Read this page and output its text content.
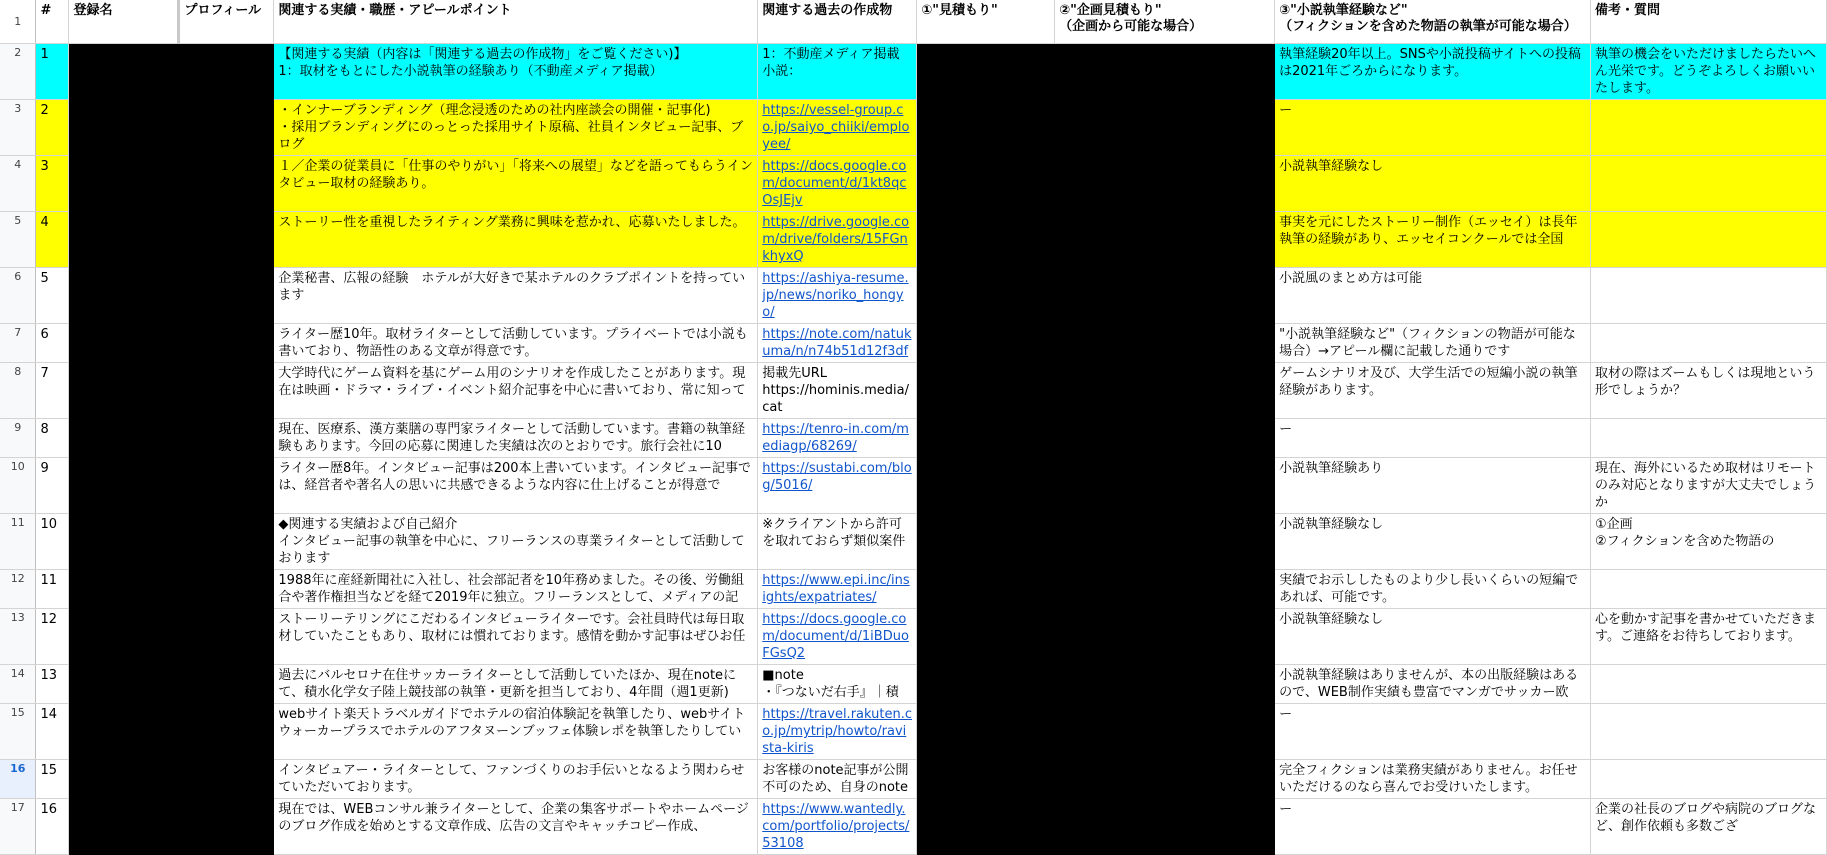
1	#	登録名	プロフィール	関連する実績・職歴・アピールポイント	関連する過去の作成物	①"見積もり"	②"企画見積もり"
（企画から可能な場合）	③"小説執筆経験など"
（フィクションを含めた物語の執筆が可能な場合）	備考・質問

2	1			【関連する実績（内容は「関連する過去の作成物」をご覧ください)】
1：取材をもとにした小説執筆の経験あり（不動産メディア掲載）	1：不動産メディア掲載
小説：			執筆経験20年以上。SNSや小説投稿サイトへの投稿は2021年ごろからになります。	執筆の機会をいただけましたらたいへん光栄です。どうぞよろしくお願いいたします。

3	2			・インナーブランディング（理念浸透のための社内座談会の開催・記事化)
・採用ブランディングにのっとった採用サイト原稿、社員インタビュー記事、ブログ	https://vessel-group.co.jp/saiyo_chiiki/employee/			ー	

4	3			１／企業の従業員に「仕事のやりがい」「将来への展望」などを語ってもらうインタビュー取材の経験あり。	https://docs.google.com/document/d/1kt8qcOsJEjv			小説執筆経験なし	

5	4			ストーリー性を重視したライティング業務に興味を惹かれ、応募いたしました。	https://drive.google.com/drive/folders/15FGnkhyxQ			事実を元にしたストーリー制作（エッセイ）は長年執筆の経験があり、エッセイコンクールでは全国	

6	5			企業秘書、広報の経験　ホテルが大好きで某ホテルのクラブポイントを持っています	https://ashiya-resume.jp/news/noriko_hongyo/			小説風のまとめ方は可能	

7	6			ライター歴10年。取材ライターとして活動しています。プライベートでは小説も書いており、物語性のある文章が得意です。	https://note.com/natukuma/n/n74b51d12f3df			"小説執筆経験など"（フィクションの物語が可能な場合）→アピール欄に記載した通りです	

8	7			大学時代にゲーム資料を基にゲーム用のシナリオを作成したことがあります。現在は映画・ドラマ・ライブ・イベント紹介記事を中心に書いており、常に知って	掲載先URL
https://hominis.media/cat			ゲームシナリオ及び、大学生活での短編小説の執筆経験があります。	取材の際はズームもしくは現地という形でしょうか？

9	8			現在、医療系、漢方薬膳の専門家ライターとして活動しています。書籍の執筆経験もあります。今回の応募に関連した実績は次のとおりです。旅行会社に10	https://tenro-in.com/mediagp/68269/			ー	

10	9			ライター歴8年。インタビュー記事は200本上書いています。インタビュー記事では、経営者や著名人の思いに共感できるような内容に仕上げることが得意で	https://sustabi.com/blog/5016/			小説執筆経験あり	現在、海外にいるため取材はリモートのみ対応となりますが大丈夫でしょうか

11	10			◆関連する実績および自己紹介
インタビュー記事の執筆を中心に、フリーランスの専業ライターとして活動しております	※クライアントから許可を取れておらず類似案件			小説執筆経験なし	①企画
②フィクションを含めた物語の

12	11			1988年に産経新聞社に入社し、社会部記者を10年務めました。その後、労働組合や著作権担当などを経て2019年に独立。フリーランスとして、メディアの記	https://www.epi.inc/insights/expatriates/			実績でお示ししたものより少し長いくらいの短編であれば、可能です。	

13	12			ストーリーテリングにこだわるインタビューライターです。会社員時代は毎日取材していたこともあり、取材には慣れております。感情を動かす記事はぜひお任	https://docs.google.com/document/d/1iBDuoFGsQ2			小説執筆経験なし	心を動かす記事を書かせていただきます。ご連絡をお待ちしております。

14	13			過去にバルセロナ在住サッカーライターとして活動していたほか、現在noteにて、積水化学女子陸上競技部の執筆・更新を担当しており、4年間（週1更新)	■note
・『つないだ右手』｜積			小説執筆経験はありませんが、本の出版経験はあるので、WEB制作実績も豊富でマンガでサッカー欧	

15	14			webサイト楽天トラベルガイドでホテルの宿泊体験記を執筆したり、webサイトウォーカープラスでホテルのアフタヌーンブッフェ体験レポを執筆したりしてい	https://travel.rakuten.co.jp/mytrip/howto/ravista-kiris			ー	

16	15			インタビュアー・ライターとして、ファンづくりのお手伝いとなるよう関わらせていただいております。	お客様のnote記事が公開不可のため、自身のnote			完全フィクションは業務実績がありません。お任せいただけるのなら喜んでお受けいたします。	

17	16			現在では、WEBコンサル兼ライターとして、企業の集客サポートやホームページのブログ作成を始めとする文章作成、広告の文言やキャッチコピー作成、	https://www.wantedly.com/portfolio/projects/53108			ー	企業の社長のブログや病院のブログなど、創作依頼も多数ござ
